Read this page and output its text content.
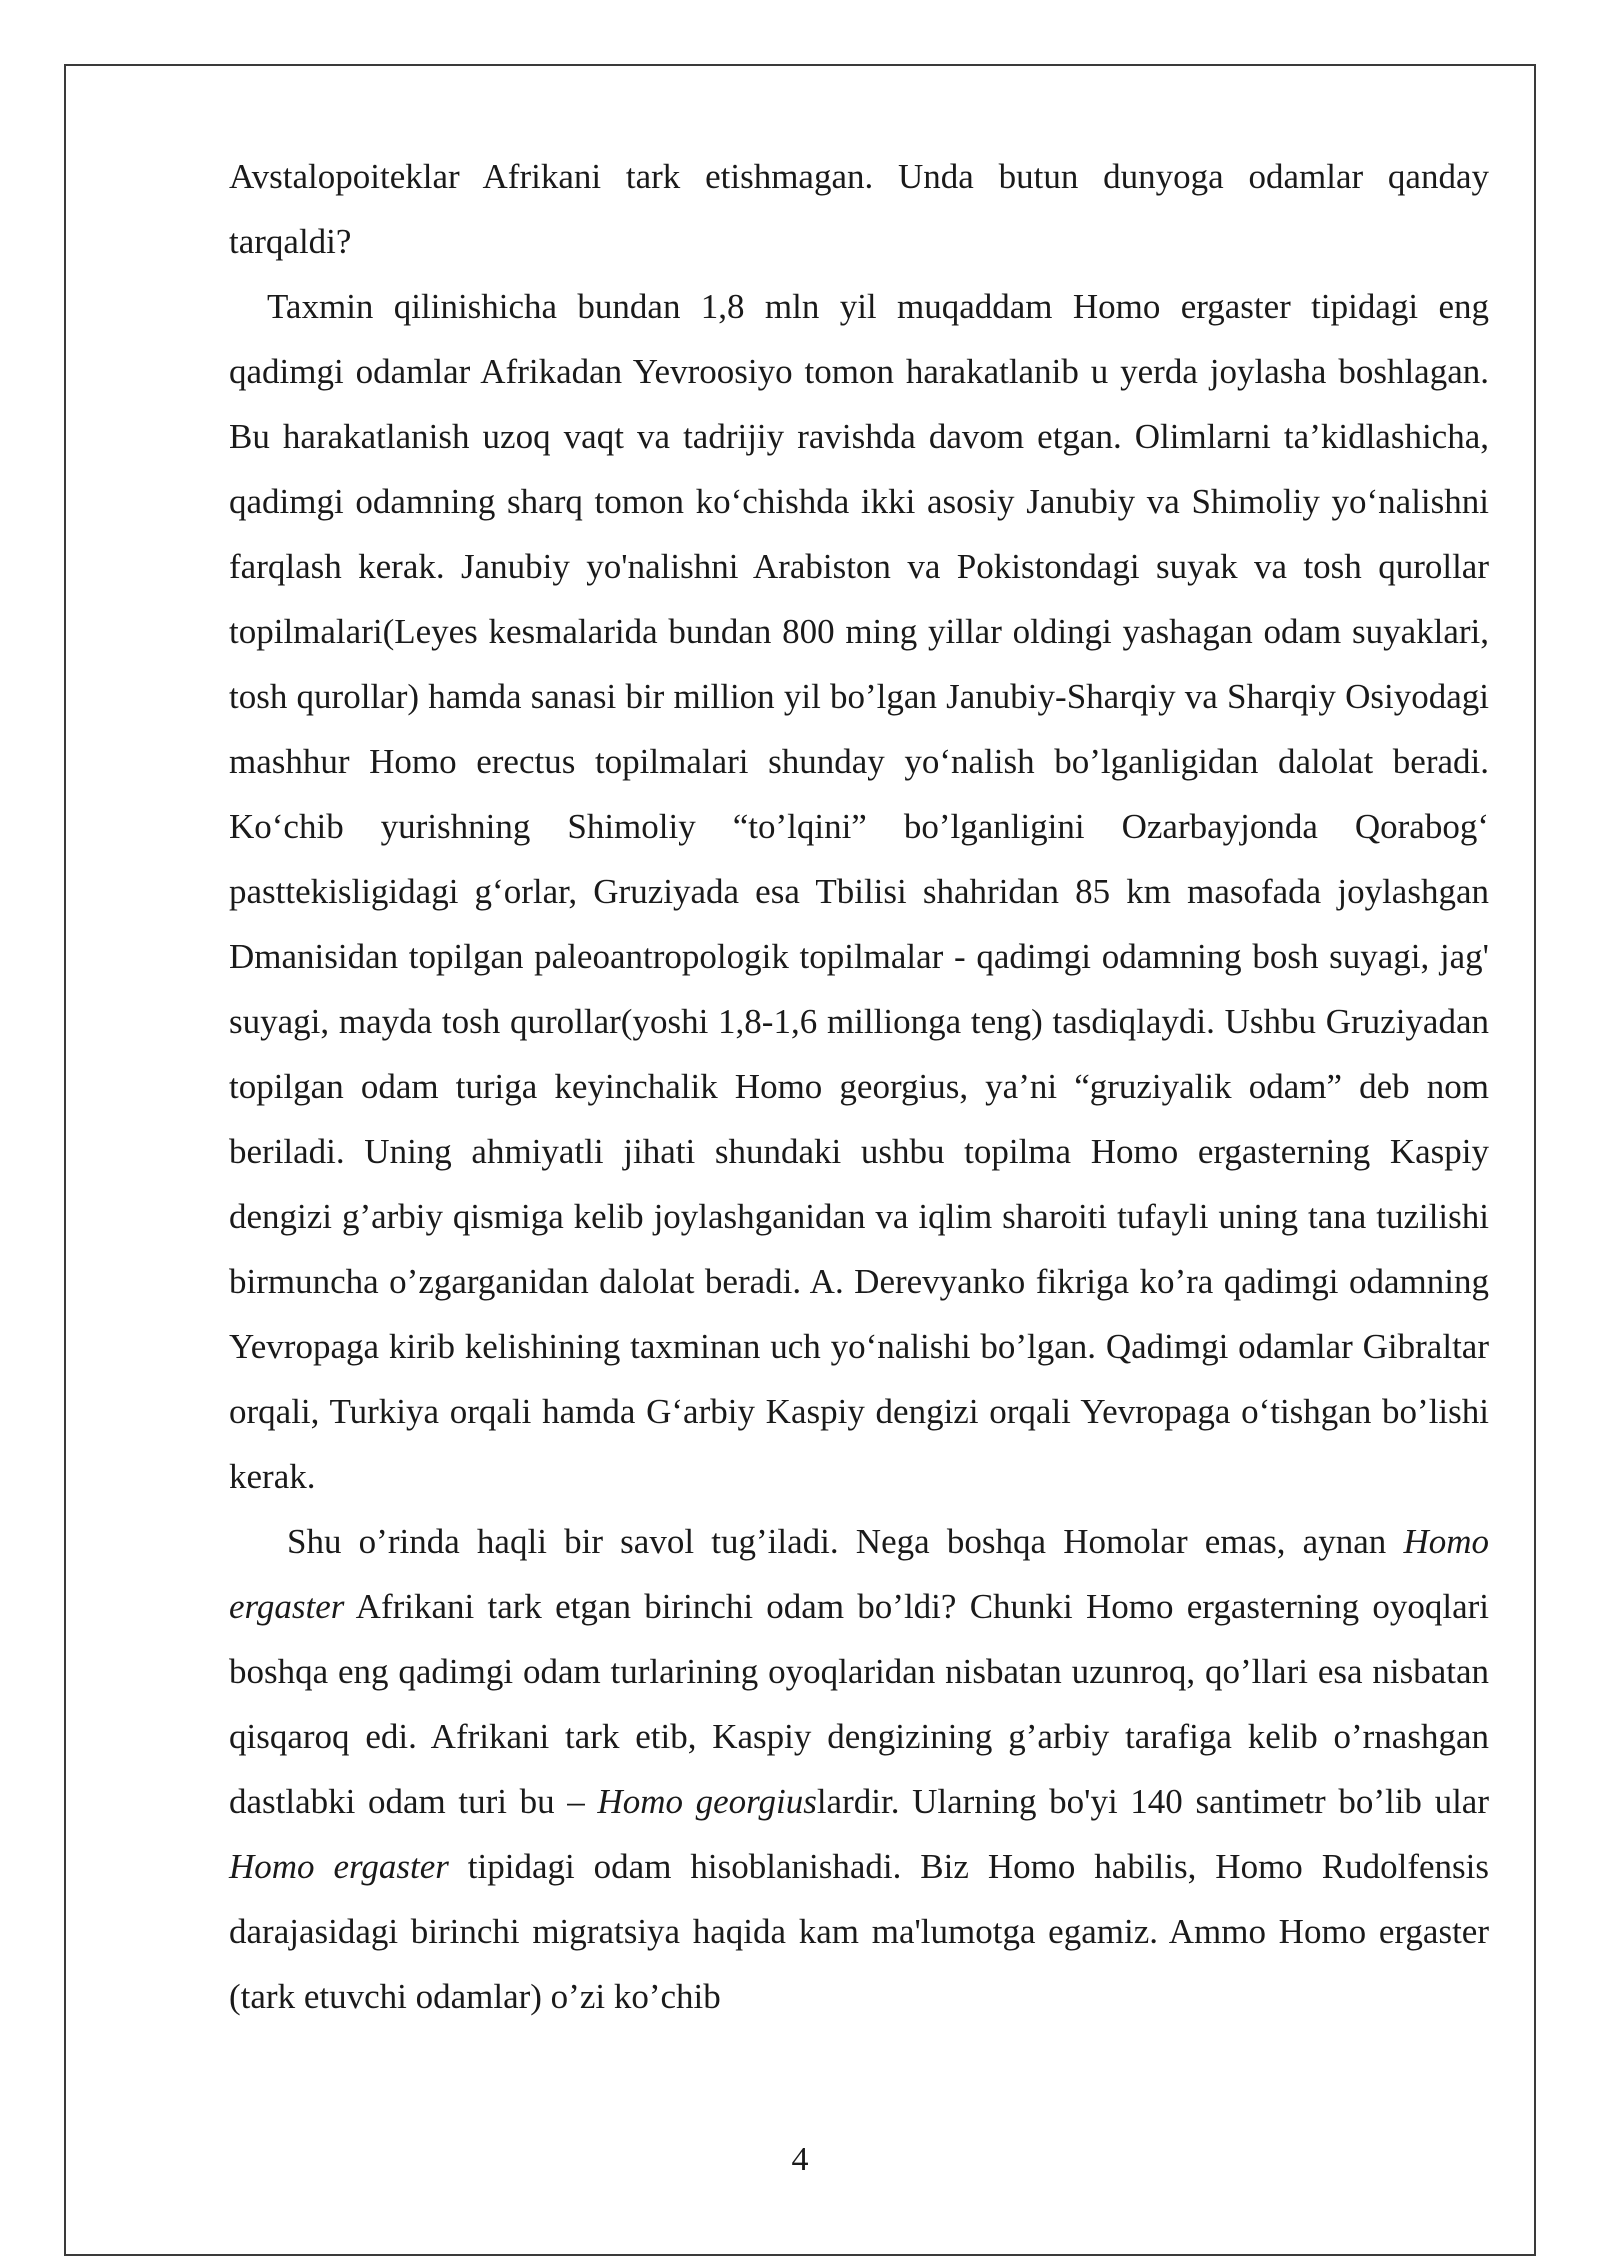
Avstalopoiteklar Afrikani tark etishmagan. Unda butun dunyoga odamlar qanday tarqaldi?

Taxmin qilinishicha bundan 1,8 mln yil muqaddam Homo ergaster tipidagi eng qadimgi odamlar Afrikadan Yevroosiyo tomon harakatlanib u yerda joylasha boshlagan. Bu harakatlanish uzoq vaqt va tadrijiy ravishda davom etgan. Olimlarni ta’kidlashicha, qadimgi odamning sharq tomon ko‘chishda ikki asosiy Janubiy va Shimoliy yo‘nalishni farqlash kerak. Janubiy yo'nalishni Arabiston va Pokistondagi suyak va tosh qurollar topilmalari(Leyes kesmalarida bundan 800 ming yillar oldingi yashagan odam suyaklari, tosh qurollar) hamda sanasi bir million yil bo’lgan Janubiy-Sharqiy va Sharqiy Osiyodagi mashhur Homo erectus topilmalari shunday yo‘nalish bo’lganligidan dalolat beradi. Ko‘chib yurishning Shimoliy “to’lqini” bo’lganligini Ozarbayjonda Qorabog‘ pasttekisligidagi g‘orlar, Gruziyada esa Tbilisi shahridan 85 km masofada joylashgan Dmanisidan topilgan paleoantropologik topilmalar - qadimgi odamning bosh suyagi, jag' suyagi, mayda tosh qurollar(yoshi 1,8-1,6 millionga teng) tasdiqlaydi. Ushbu Gruziyadan topilgan odam turiga keyinchalik Homo georgius, ya’ni “gruziyalik odam” deb nom beriladi. Uning ahmiyatli jihati shundaki ushbu topilma Homo ergasterning Kaspiy dengizi g’arbiy qismiga kelib joylashganidan va iqlim sharoiti tufayli uning tana tuzilishi birmuncha o’zgarganidan dalolat beradi. A. Derevyanko fikriga ko’ra qadimgi odamning Yevropaga kirib kelishining taxminan uch yo‘nalishi bo’lgan. Qadimgi odamlar Gibraltar orqali, Turkiya orqali hamda G‘arbiy Kaspiy dengizi orqali Yevropaga o‘tishgan bo’lishi kerak.

Shu o’rinda haqli bir savol tug’iladi. Nega boshqa Homolar emas, aynan Homo ergaster Afrikani tark etgan birinchi odam bo’ldi? Chunki Homo ergasterning oyoqlari boshqa eng qadimgi odam turlarining oyoqlaridan nisbatan uzunroq, qo’llari esa nisbatan qisqaroq edi. Afrikani tark etib, Kaspiy dengizining g’arbiy tarafiga kelib o’rnashgan dastlabki odam turi bu – Homo georgiuslardir. Ularning bo'yi 140 santimetr bo’lib ular Homo ergaster tipidagi odam hisoblanishadi. Biz Homo habilis, Homo Rudolfensis darajasidagi birinchi migratsiya haqida kam ma'lumotga egamiz. Ammo Homo ergaster (tark etuvchi odamlar) o’zi ko’chib

4
